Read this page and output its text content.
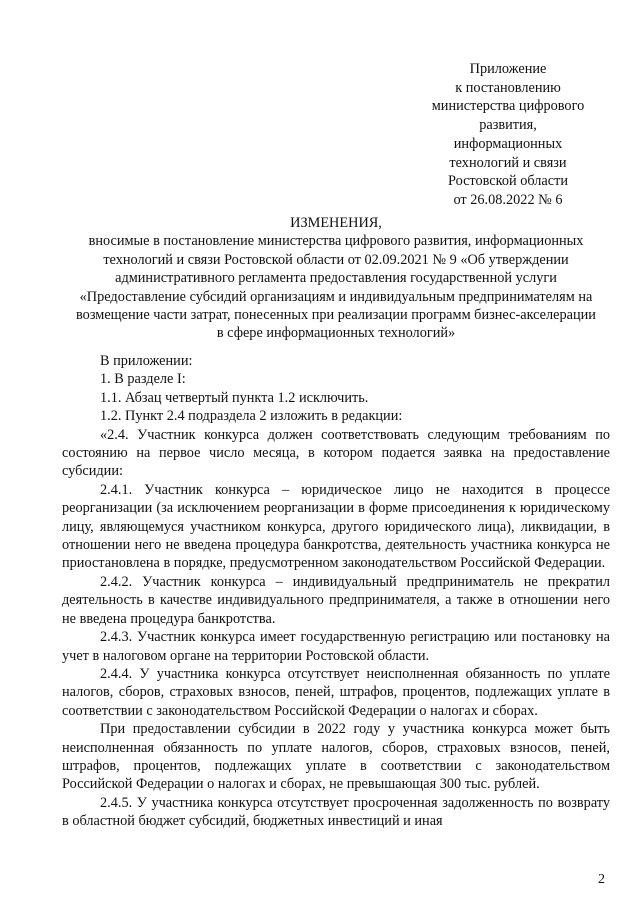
Приложение
к постановлению
министерства цифрового
развития,
информационных
технологий и связи
Ростовской области
от 26.08.2022 № 6
ИЗМЕНЕНИЯ,
вносимые в постановление министерства цифрового развития, информационных
технологий и связи Ростовской области от 02.09.2021 № 9 «Об утверждении
административного регламента предоставления государственной услуги
«Предоставление субсидий организациям и индивидуальным предпринимателям на
возмещение части затрат, понесенных при реализации программ бизнес-акселерации
в сфере информационных технологий»

В приложении:

1. В разделе I:

1.1. Абзац четвертый пункта 1.2 исключить.

1.2. Пункт 2.4 подраздела 2 изложить в редакции:

«2.4. Участник конкурса должен соответствовать следующим требованиям по состоянию на первое число месяца, в котором подается заявка на предоставление субсидии:

2.4.1. Участник конкурса – юридическое лицо не находится в процессе реорганизации (за исключением реорганизации в форме присоединения к юридическому лицу, являющемуся участником конкурса, другого юридического лица), ликвидации, в отношении него не введена процедура банкротства, деятельность участника конкурса не приостановлена в порядке, предусмотренном законодательством Российской Федерации.

2.4.2. Участник конкурса – индивидуальный предприниматель не прекратил деятельность в качестве индивидуального предпринимателя, а также в отношении него не введена процедура банкротства.

2.4.3. Участник конкурса имеет государственную регистрацию или постановку на учет в налоговом органе на территории Ростовской области.

2.4.4. У участника конкурса отсутствует неисполненная обязанность по уплате налогов, сборов, страховых взносов, пеней, штрафов, процентов, подлежащих уплате в соответствии с законодательством Российской Федерации о налогах и сборах.

При предоставлении субсидии в 2022 году у участника конкурса может быть неисполненная обязанность по уплате налогов, сборов, страховых взносов, пеней, штрафов, процентов, подлежащих уплате в соответствии с законодательством Российской Федерации о налогах и сборах, не превышающая 300 тыс. рублей.

2.4.5. У участника конкурса отсутствует просроченная задолженность по возврату в областной бюджет субсидий, бюджетных инвестиций и иная

2
